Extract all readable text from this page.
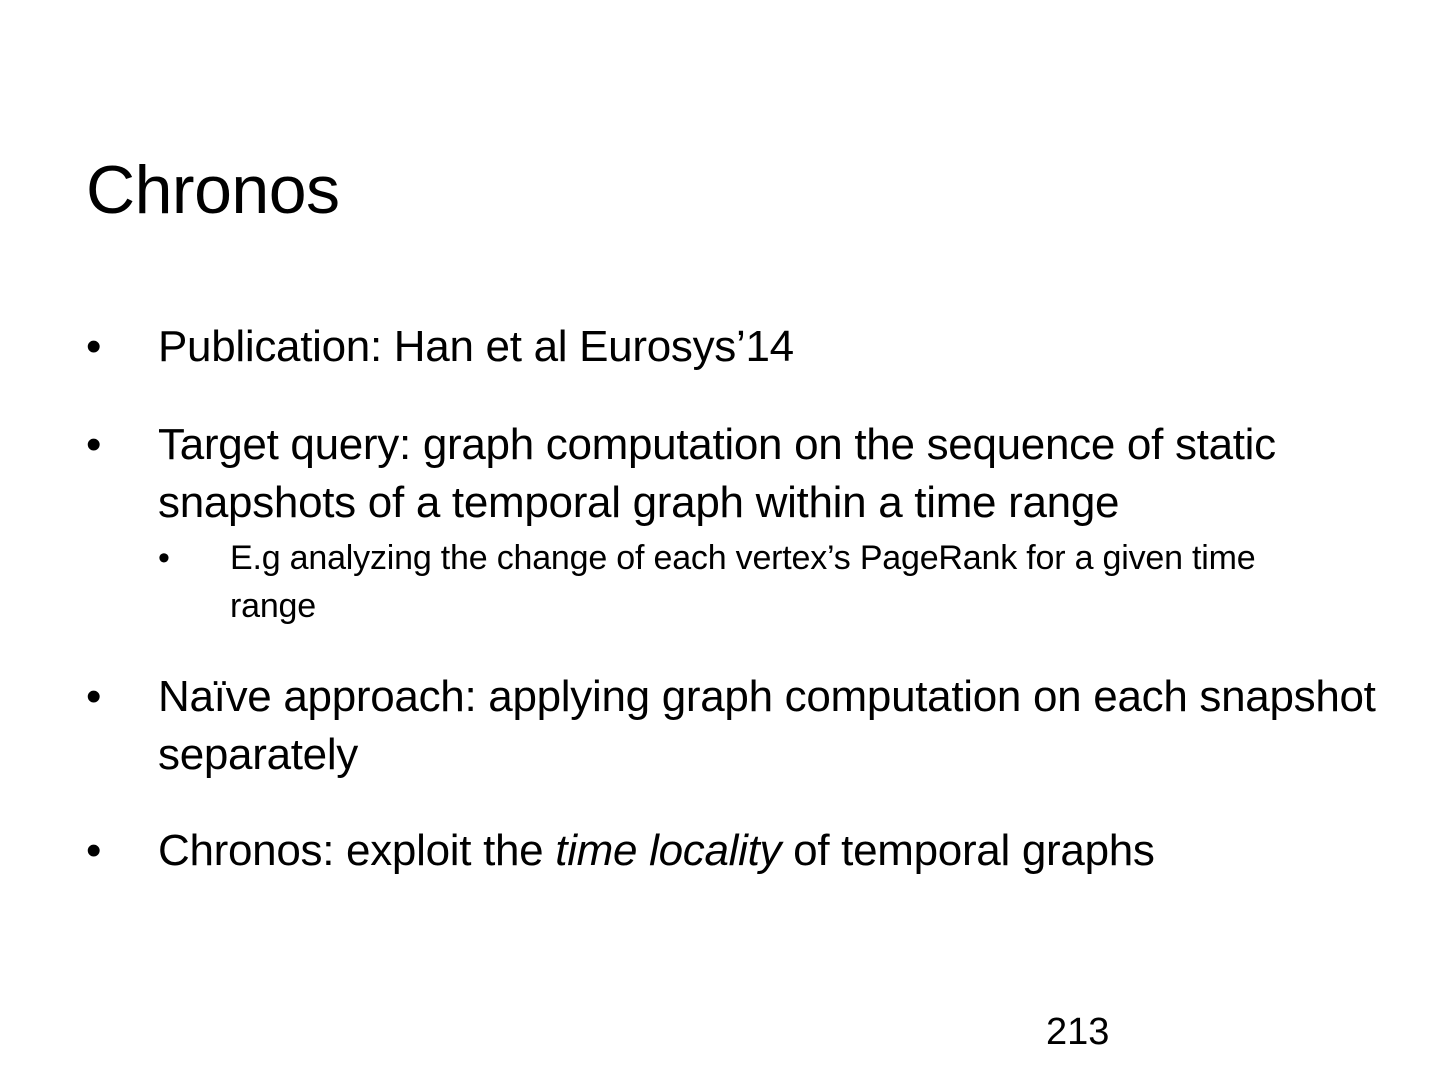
Chronos
• Publication: Han et al Eurosys’14
• Target query: graph computation on the sequence of static snapshots of a temporal graph within a time range
• E.g analyzing the change of each vertex’s PageRank for a given time range
• Naïve approach: applying graph computation on each snapshot separately
• Chronos: exploit the time locality of temporal graphs
213
